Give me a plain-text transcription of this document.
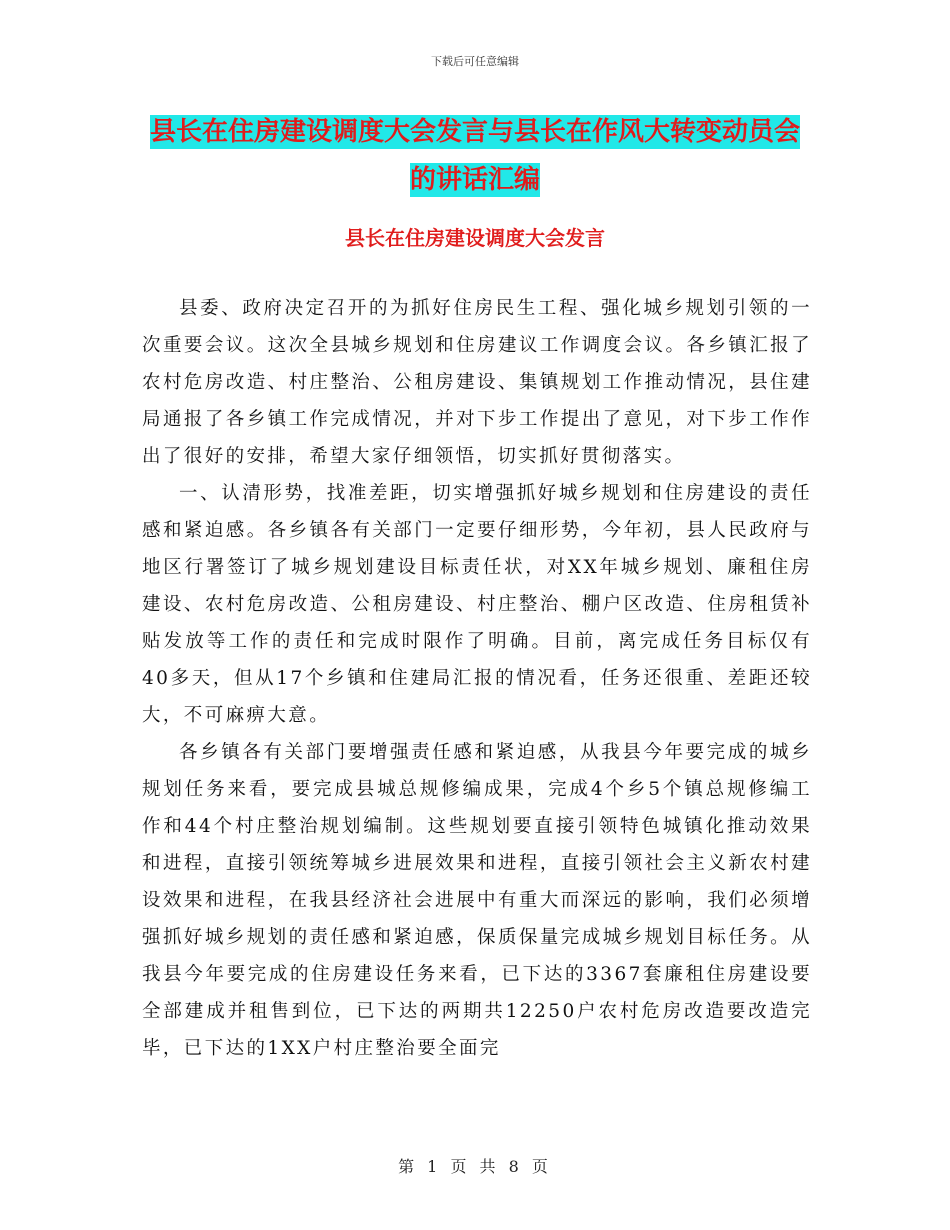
下载后可任意编辑
县长在住房建设调度大会发言与县长在作风大转变动员会的讲话汇编
县长在住房建设调度大会发言

县委、政府决定召开的为抓好住房民生工程、强化城乡规划引领的一次重要会议。这次全县城乡规划和住房建议工作调度会议。各乡镇汇报了农村危房改造、村庄整治、公租房建设、集镇规划工作推动情况，县住建局通报了各乡镇工作完成情况，并对下步工作提出了意见，对下步工作作出了很好的安排，希望大家仔细领悟，切实抓好贯彻落实。

一、认清形势，找准差距，切实增强抓好城乡规划和住房建设的责任感和紧迫感。各乡镇各有关部门一定要仔细形势，今年初，县人民政府与地区行署签订了城乡规划建设目标责任状，对XX年城乡规划、廉租住房建设、农村危房改造、公租房建设、村庄整治、棚户区改造、住房租赁补贴发放等工作的责任和完成时限作了明确。目前，离完成任务目标仅有40多天，但从17个乡镇和住建局汇报的情况看，任务还很重、差距还较大，不可麻痹大意。

各乡镇各有关部门要增强责任感和紧迫感，从我县今年要完成的城乡规划任务来看，要完成县城总规修编成果，完成4个乡5个镇总规修编工作和44个村庄整治规划编制。这些规划要直接引领特色城镇化推动效果和进程，直接引领统筹城乡进展效果和进程，直接引领社会主义新农村建设效果和进程，在我县经济社会进展中有重大而深远的影响，我们必须增强抓好城乡规划的责任感和紧迫感，保质保量完成城乡规划目标任务。从我县今年要完成的住房建设任务来看，已下达的3367套廉租住房建设要全部建成并租售到位，已下达的两期共12250户农村危房改造要改造完毕，已下达的1XX户村庄整治要全面完

第 1 页 共 8 页
